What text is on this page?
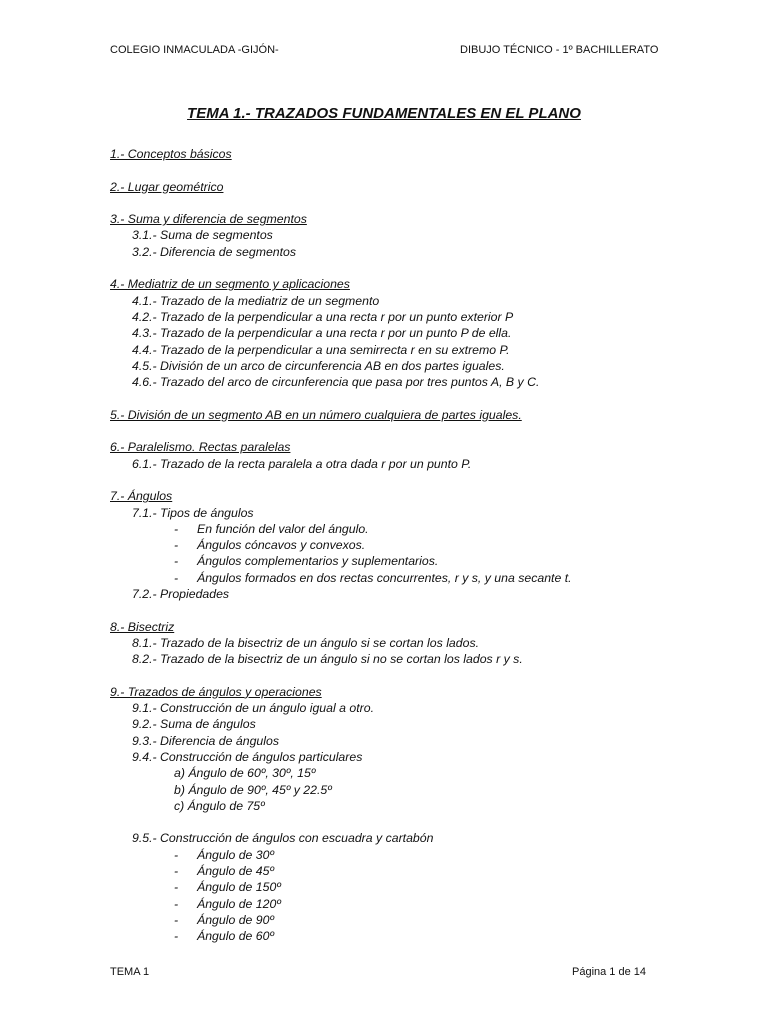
COLEGIO INMACULADA -GIJÓN-	DIBUJO TÉCNICO - 1º BACHILLERATO
TEMA 1.- TRAZADOS FUNDAMENTALES EN EL PLANO
1.- Conceptos básicos
2.- Lugar geométrico
3.- Suma y diferencia de segmentos
3.1.- Suma de segmentos
3.2.- Diferencia de segmentos
4.- Mediatriz de un segmento y aplicaciones
4.1.- Trazado de la mediatriz de un segmento
4.2.- Trazado de la perpendicular a una recta r por un punto exterior P
4.3.- Trazado de la perpendicular a una recta r por un punto P de ella.
4.4.- Trazado de la perpendicular a una semirrecta r en su extremo P.
4.5.- División de un arco de circunferencia AB en dos partes iguales.
4.6.- Trazado del arco de circunferencia que pasa por tres puntos A, B y C.
5.- División de un segmento AB en un número cualquiera de partes iguales.
6.- Paralelismo. Rectas paralelas
6.1.- Trazado de la recta paralela a otra dada r por un punto P.
7.- Ángulos
7.1.- Tipos de ángulos
- En función del valor del ángulo.
- Ángulos cóncavos y convexos.
- Ángulos complementarios y suplementarios.
- Ángulos formados en dos rectas concurrentes, r y s, y una secante t.
7.2.- Propiedades
8.- Bisectriz
8.1.- Trazado de la bisectriz de un ángulo si se cortan los lados.
8.2.- Trazado de la bisectriz de un ángulo si no se cortan los lados r y s.
9.- Trazados de ángulos y operaciones
9.1.- Construcción de un ángulo igual a otro.
9.2.- Suma de ángulos
9.3.- Diferencia de ángulos
9.4.- Construcción de ángulos particulares
a) Ángulo de 60º, 30º, 15º
b) Ángulo de 90º, 45º y 22.5º
c) Ángulo de 75º
9.5.- Construcción de ángulos con escuadra y cartabón
- Ángulo de 30º
- Ángulo de 45º
- Ángulo de 150º
- Ángulo de 120º
- Ángulo de 90º
- Ángulo de 60º
TEMA 1	Página 1 de 14
